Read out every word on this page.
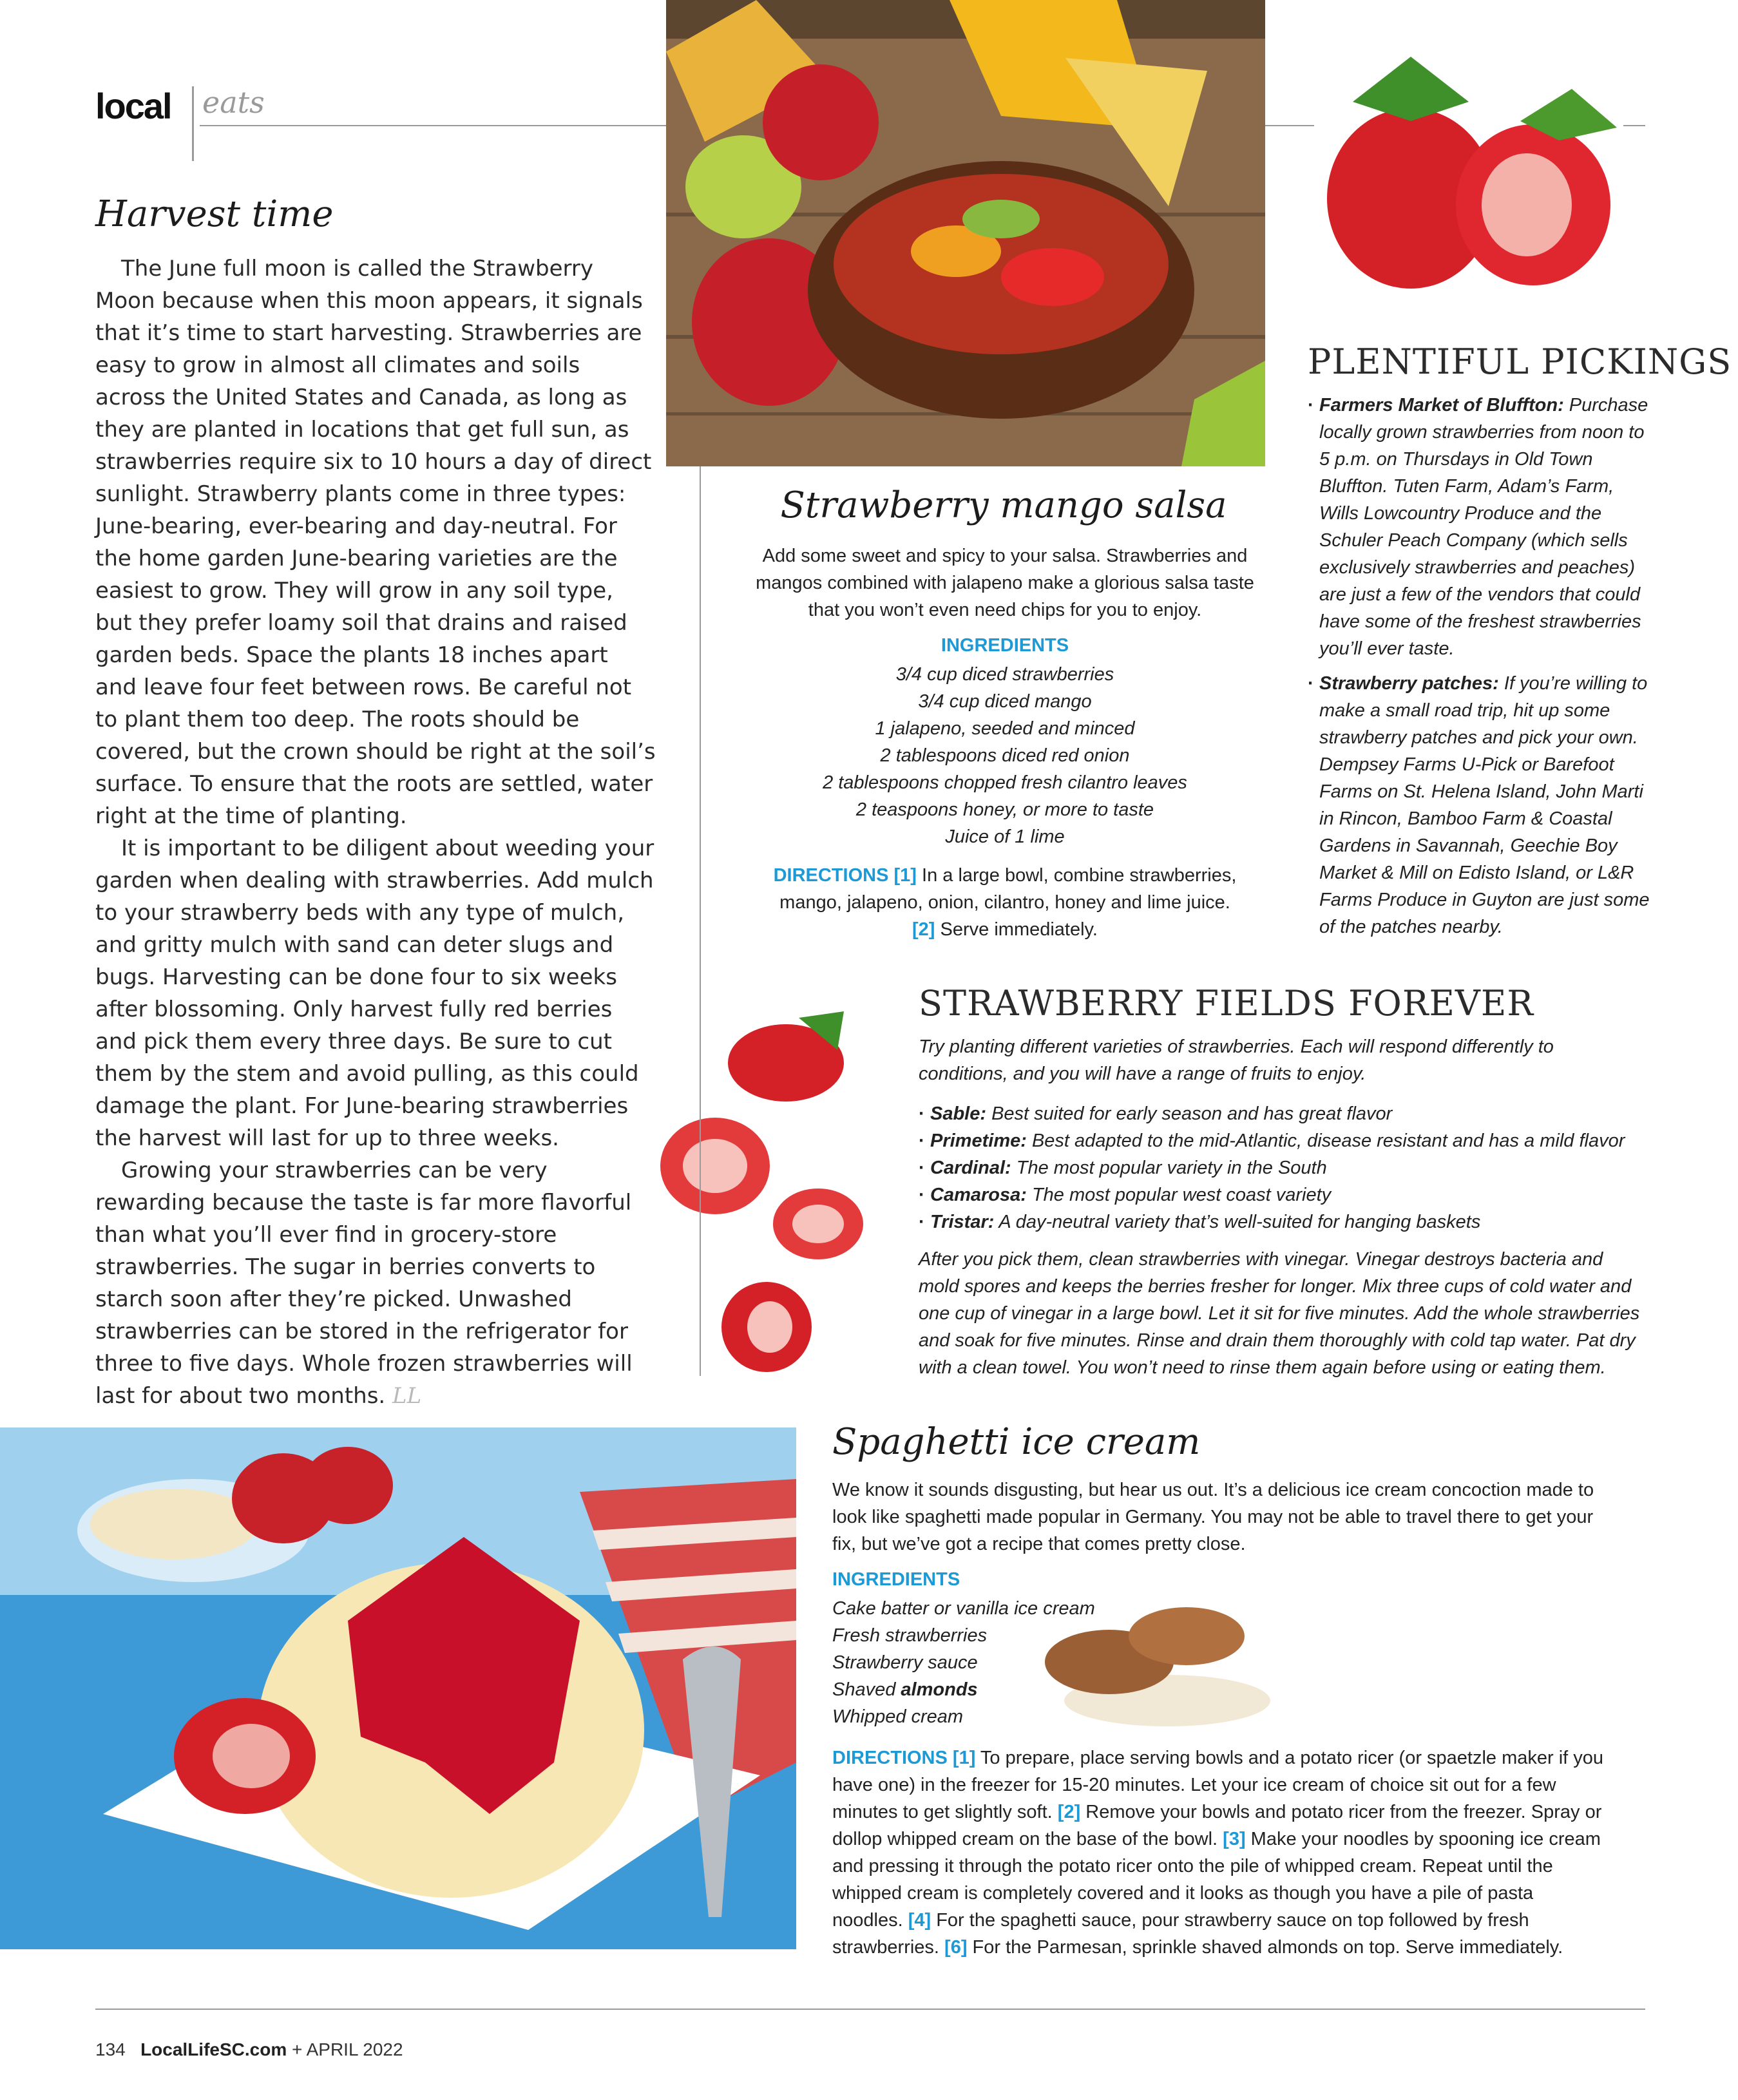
local eats
Harvest time

The June full moon is called the Strawberry Moon because when this moon appears, it signals that it’s time to start harvesting. Strawberries are easy to grow in almost all climates and soils across the United States and Canada, as long as they are planted in locations that get full sun, as strawberries require six to 10 hours a day of direct sunlight. Strawberry plants come in three types: June-bearing, ever-bearing and day-neutral. For the home garden June-bearing varieties are the easiest to grow. They will grow in any soil type, but they prefer loamy soil that drains and raised garden beds. Space the plants 18 inches apart and leave four feet between rows. Be careful not to plant them too deep. The roots should be covered, but the crown should be right at the soil’s surface. To ensure that the roots are settled, water right at the time of planting.

It is important to be diligent about weeding your garden when dealing with strawberries. Add mulch to your strawberry beds with any type of mulch, and gritty mulch with sand can deter slugs and bugs. Harvesting can be done four to six weeks after blossoming. Only harvest fully red berries and pick them every three days. Be sure to cut them by the stem and avoid pulling, as this could damage the plant. For June-bearing strawberries the harvest will last for up to three weeks.

Growing your strawberries can be very rewarding because the taste is far more flavorful than what you’ll ever find in grocery-store strawberries. The sugar in berries converts to starch soon after they’re picked. Unwashed strawberries can be stored in the refrigerator for three to five days. Whole frozen strawberries will last for about two months. LL

Strawberry mango salsa
Add some sweet and spicy to your salsa. Strawberries and mangos combined with jalapeno make a glorious salsa taste that you won’t even need chips for you to enjoy.
INGREDIENTS
3/4 cup diced strawberries
3/4 cup diced mango
1 jalapeno, seeded and minced
2 tablespoons diced red onion
2 tablespoons chopped fresh cilantro leaves
2 teaspoons honey, or more to taste
Juice of 1 lime
DIRECTIONS [1] In a large bowl, combine strawberries, mango, jalapeno, onion, cilantro, honey and lime juice.
[2] Serve immediately.
PLENTIFUL PICKINGS
· Farmers Market of Bluffton: Purchase locally grown strawberries from noon to 5 p.m. on Thursdays in Old Town Bluffton. Tuten Farm, Adam’s Farm, Wills Lowcountry Produce and the Schuler Peach Company (which sells exclusively strawberries and peaches) are just a few of the vendors that could have some of the freshest strawberries you’ll ever taste.
· Strawberry patches: If you’re willing to make a small road trip, hit up some strawberry patches and pick your own. Dempsey Farms U-Pick or Barefoot Farms on St. Helena Island, John Marti in Rincon, Bamboo Farm & Coastal Gardens in Savannah, Geechie Boy Market & Mill on Edisto Island, or L&R Farms Produce in Guyton are just some of the patches nearby.
STRAWBERRY FIELDS FOREVER
Try planting different varieties of strawberries. Each will respond differently to conditions, and you will have a range of fruits to enjoy.
· Sable: Best suited for early season and has great flavor
· Primetime: Best adapted to the mid-Atlantic, disease resistant and has a mild flavor
· Cardinal: The most popular variety in the South
· Camarosa: The most popular west coast variety
· Tristar: A day-neutral variety that’s well-suited for hanging baskets
After you pick them, clean strawberries with vinegar. Vinegar destroys bacteria and mold spores and keeps the berries fresher for longer. Mix three cups of cold water and one cup of vinegar in a large bowl. Let it sit for five minutes. Add the whole strawberries and soak for five minutes. Rinse and drain them thoroughly with cold tap water. Pat dry with a clean towel. You won’t need to rinse them again before using or eating them.
Spaghetti ice cream
We know it sounds disgusting, but hear us out. It’s a delicious ice cream concoction made to look like spaghetti made popular in Germany. You may not be able to travel there to get your fix, but we’ve got a recipe that comes pretty close.
INGREDIENTS
Cake batter or vanilla ice cream
Fresh strawberries
Strawberry sauce
Shaved almonds
Whipped cream
DIRECTIONS [1] To prepare, place serving bowls and a potato ricer (or spaetzle maker if you have one) in the freezer for 15-20 minutes. Let your ice cream of choice sit out for a few minutes to get slightly soft. [2] Remove your bowls and potato ricer from the freezer. Spray or dollop whipped cream on the base of the bowl. [3] Make your noodles by spooning ice cream and pressing it through the potato ricer onto the pile of whipped cream. Repeat until the whipped cream is completely covered and it looks as though you have a pile of pasta noodles. [4] For the spaghetti sauce, pour strawberry sauce on top followed by fresh strawberries. [6] For the Parmesan, sprinkle shaved almonds on top. Serve immediately.
134 LocalLifeSC.com + APRIL 2022
